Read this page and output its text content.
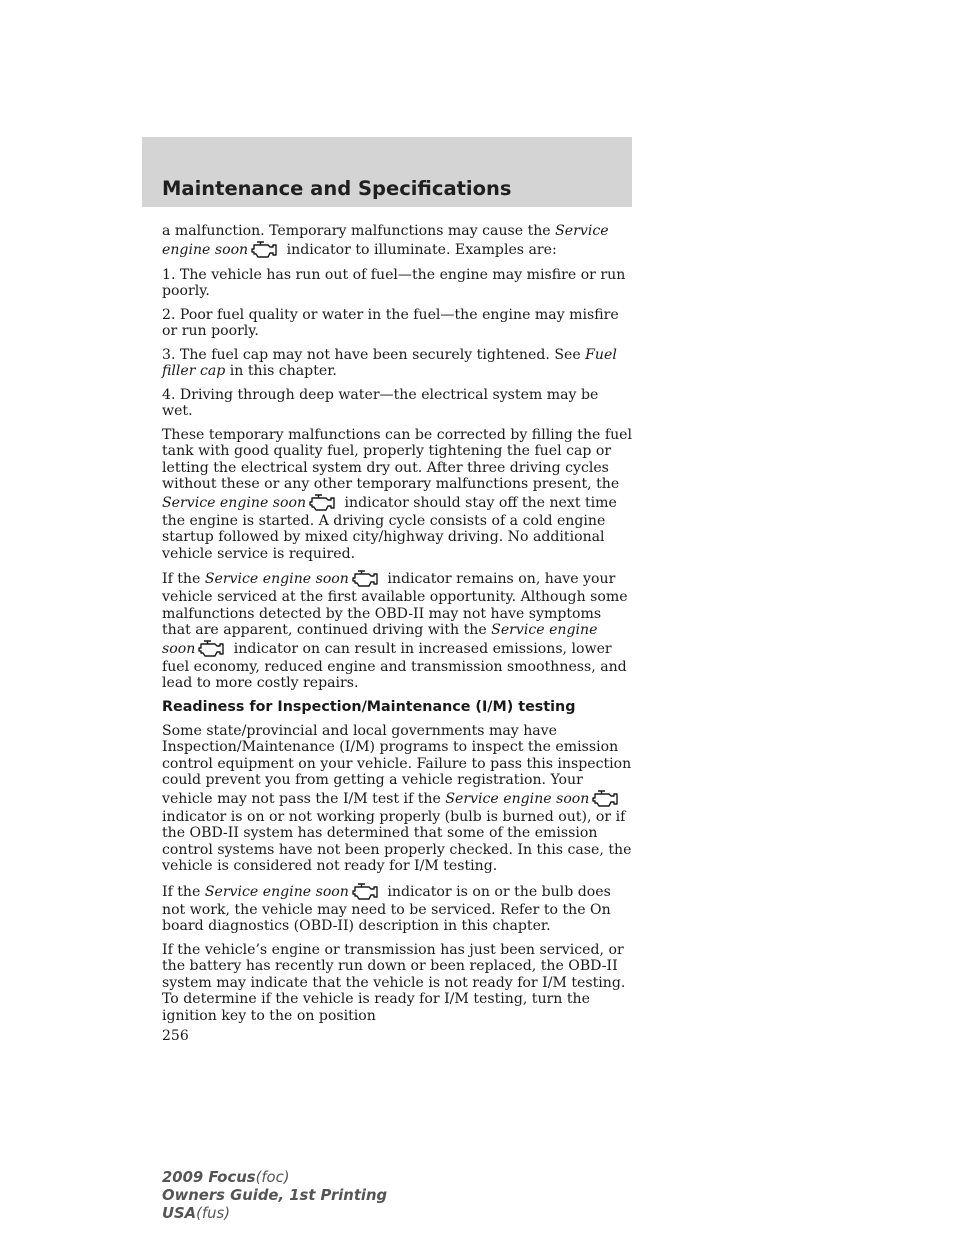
Maintenance and Specifications

a malfunction. Temporary malfunctions may cause the Service engine soon indicator to illuminate. Examples are:

1. The vehicle has run out of fuel—the engine may misfire or run poorly.

2. Poor fuel quality or water in the fuel—the engine may misfire or run poorly.

3. The fuel cap may not have been securely tightened. See Fuel filler cap in this chapter.

4. Driving through deep water—the electrical system may be wet.

These temporary malfunctions can be corrected by filling the fuel tank with good quality fuel, properly tightening the fuel cap or letting the electrical system dry out. After three driving cycles without these or any other temporary malfunctions present, the Service engine soon indicator should stay off the next time the engine is started. A driving cycle consists of a cold engine startup followed by mixed city/highway driving. No additional vehicle service is required.

If the Service engine soon indicator remains on, have your vehicle serviced at the first available opportunity. Although some malfunctions detected by the OBD-II may not have symptoms that are apparent, continued driving with the Service engine soon indicator on can result in increased emissions, lower fuel economy, reduced engine and transmission smoothness, and lead to more costly repairs.

Readiness for Inspection/Maintenance (I/M) testing

Some state/provincial and local governments may have Inspection/Maintenance (I/M) programs to inspect the emission control equipment on your vehicle. Failure to pass this inspection could prevent you from getting a vehicle registration. Your vehicle may not pass the I/M test if the Service engine soon indicator is on or not working properly (bulb is burned out), or if the OBD-II system has determined that some of the emission control systems have not been properly checked. In this case, the vehicle is considered not ready for I/M testing.

If the Service engine soon indicator is on or the bulb does not work, the vehicle may need to be serviced. Refer to the On board diagnostics (OBD-II) description in this chapter.

If the vehicle’s engine or transmission has just been serviced, or the battery has recently run down or been replaced, the OBD-II system may indicate that the vehicle is not ready for I/M testing. To determine if the vehicle is ready for I/M testing, turn the ignition key to the on position

256
2009 Focus(foc)
Owners Guide, 1st Printing
USA(fus)
